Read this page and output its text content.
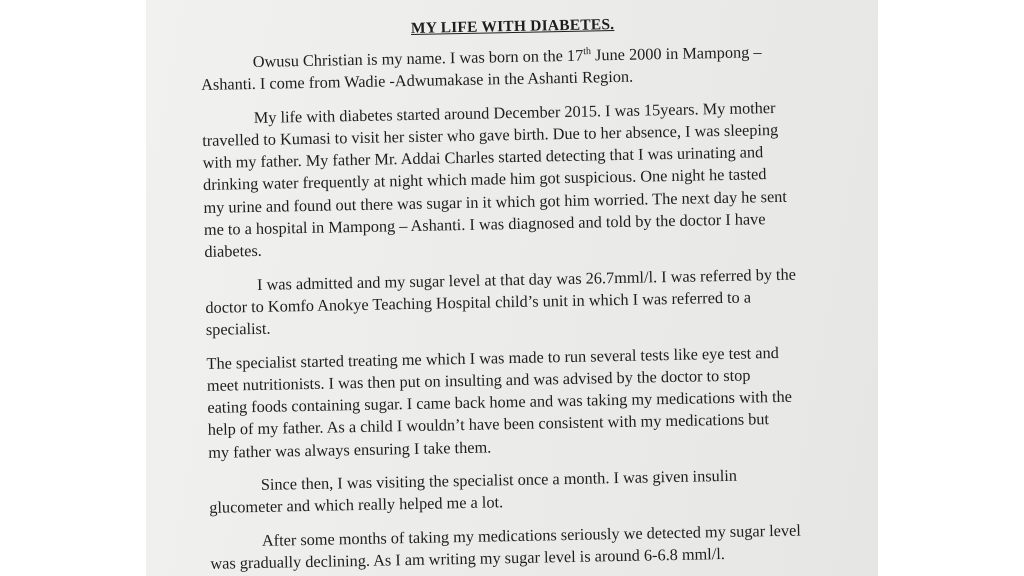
MY LIFE WITH DIABETES.

Owusu Christian is my name. I was born on the 17th June 2000 in Mampong –
Ashanti. I come from Wadie -Adwumakase in the Ashanti Region.

My life with diabetes started around December 2015. I was 15years. My mother
travelled to Kumasi to visit her sister who gave birth. Due to her absence, I was sleeping
with my father. My father Mr. Addai Charles started detecting that I was urinating and
drinking water frequently at night which made him got suspicious. One night he tasted
my urine and found out there was sugar in it which got him worried. The next day he sent
me to a hospital in Mampong – Ashanti. I was diagnosed and told by the doctor I have
diabetes.

I was admitted and my sugar level at that day was 26.7mml/l. I was referred by the
doctor to Komfo Anokye Teaching Hospital child’s unit in which I was referred to a
specialist.

The specialist started treating me which I was made to run several tests like eye test and
meet nutritionists. I was then put on insulting and was advised by the doctor to stop
eating foods containing sugar. I came back home and was taking my medications with the
help of my father. As a child I wouldn’t have been consistent with my medications but
my father was always ensuring I take them.

Since then, I was visiting the specialist once a month. I was given insulin
glucometer and which really helped me a lot.

After some months of taking my medications seriously we detected my sugar level
was gradually declining. As I am writing my sugar level is around 6-6.8 mml/l.
